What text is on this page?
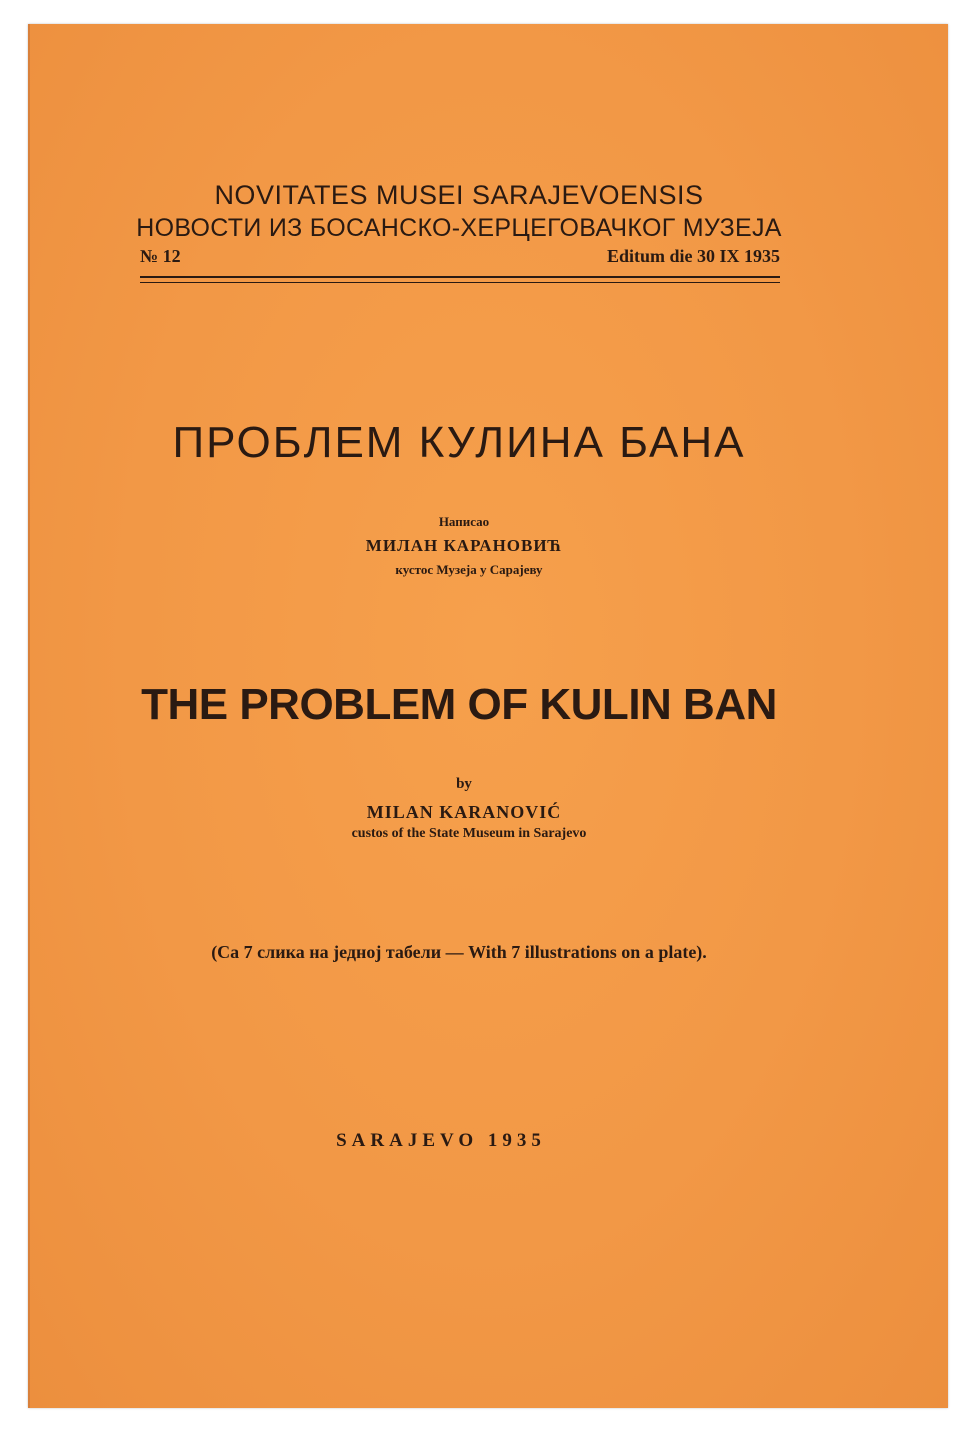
NOVITATES MUSEI SARAJEVOENSIS
НОВОСТИ ИЗ БОСАНСКО-ХЕРЦЕГОВАЧКОГ МУЗЕЈА
№ 12	Editum die 30 IX 1935
ПРОБЛЕМ КУЛИНА БАНА
Написао
МИЛАН КАРАНОВИЋ
кустос Музеја у Сарајеву
THE PROBLEM OF KULIN BAN
by
MILAN KARANOVIĆ
custos of the State Museum in Sarajevo
(Са 7 слика на једној табели — With 7 illustrations on a plate).
SARAJEVO 1935
